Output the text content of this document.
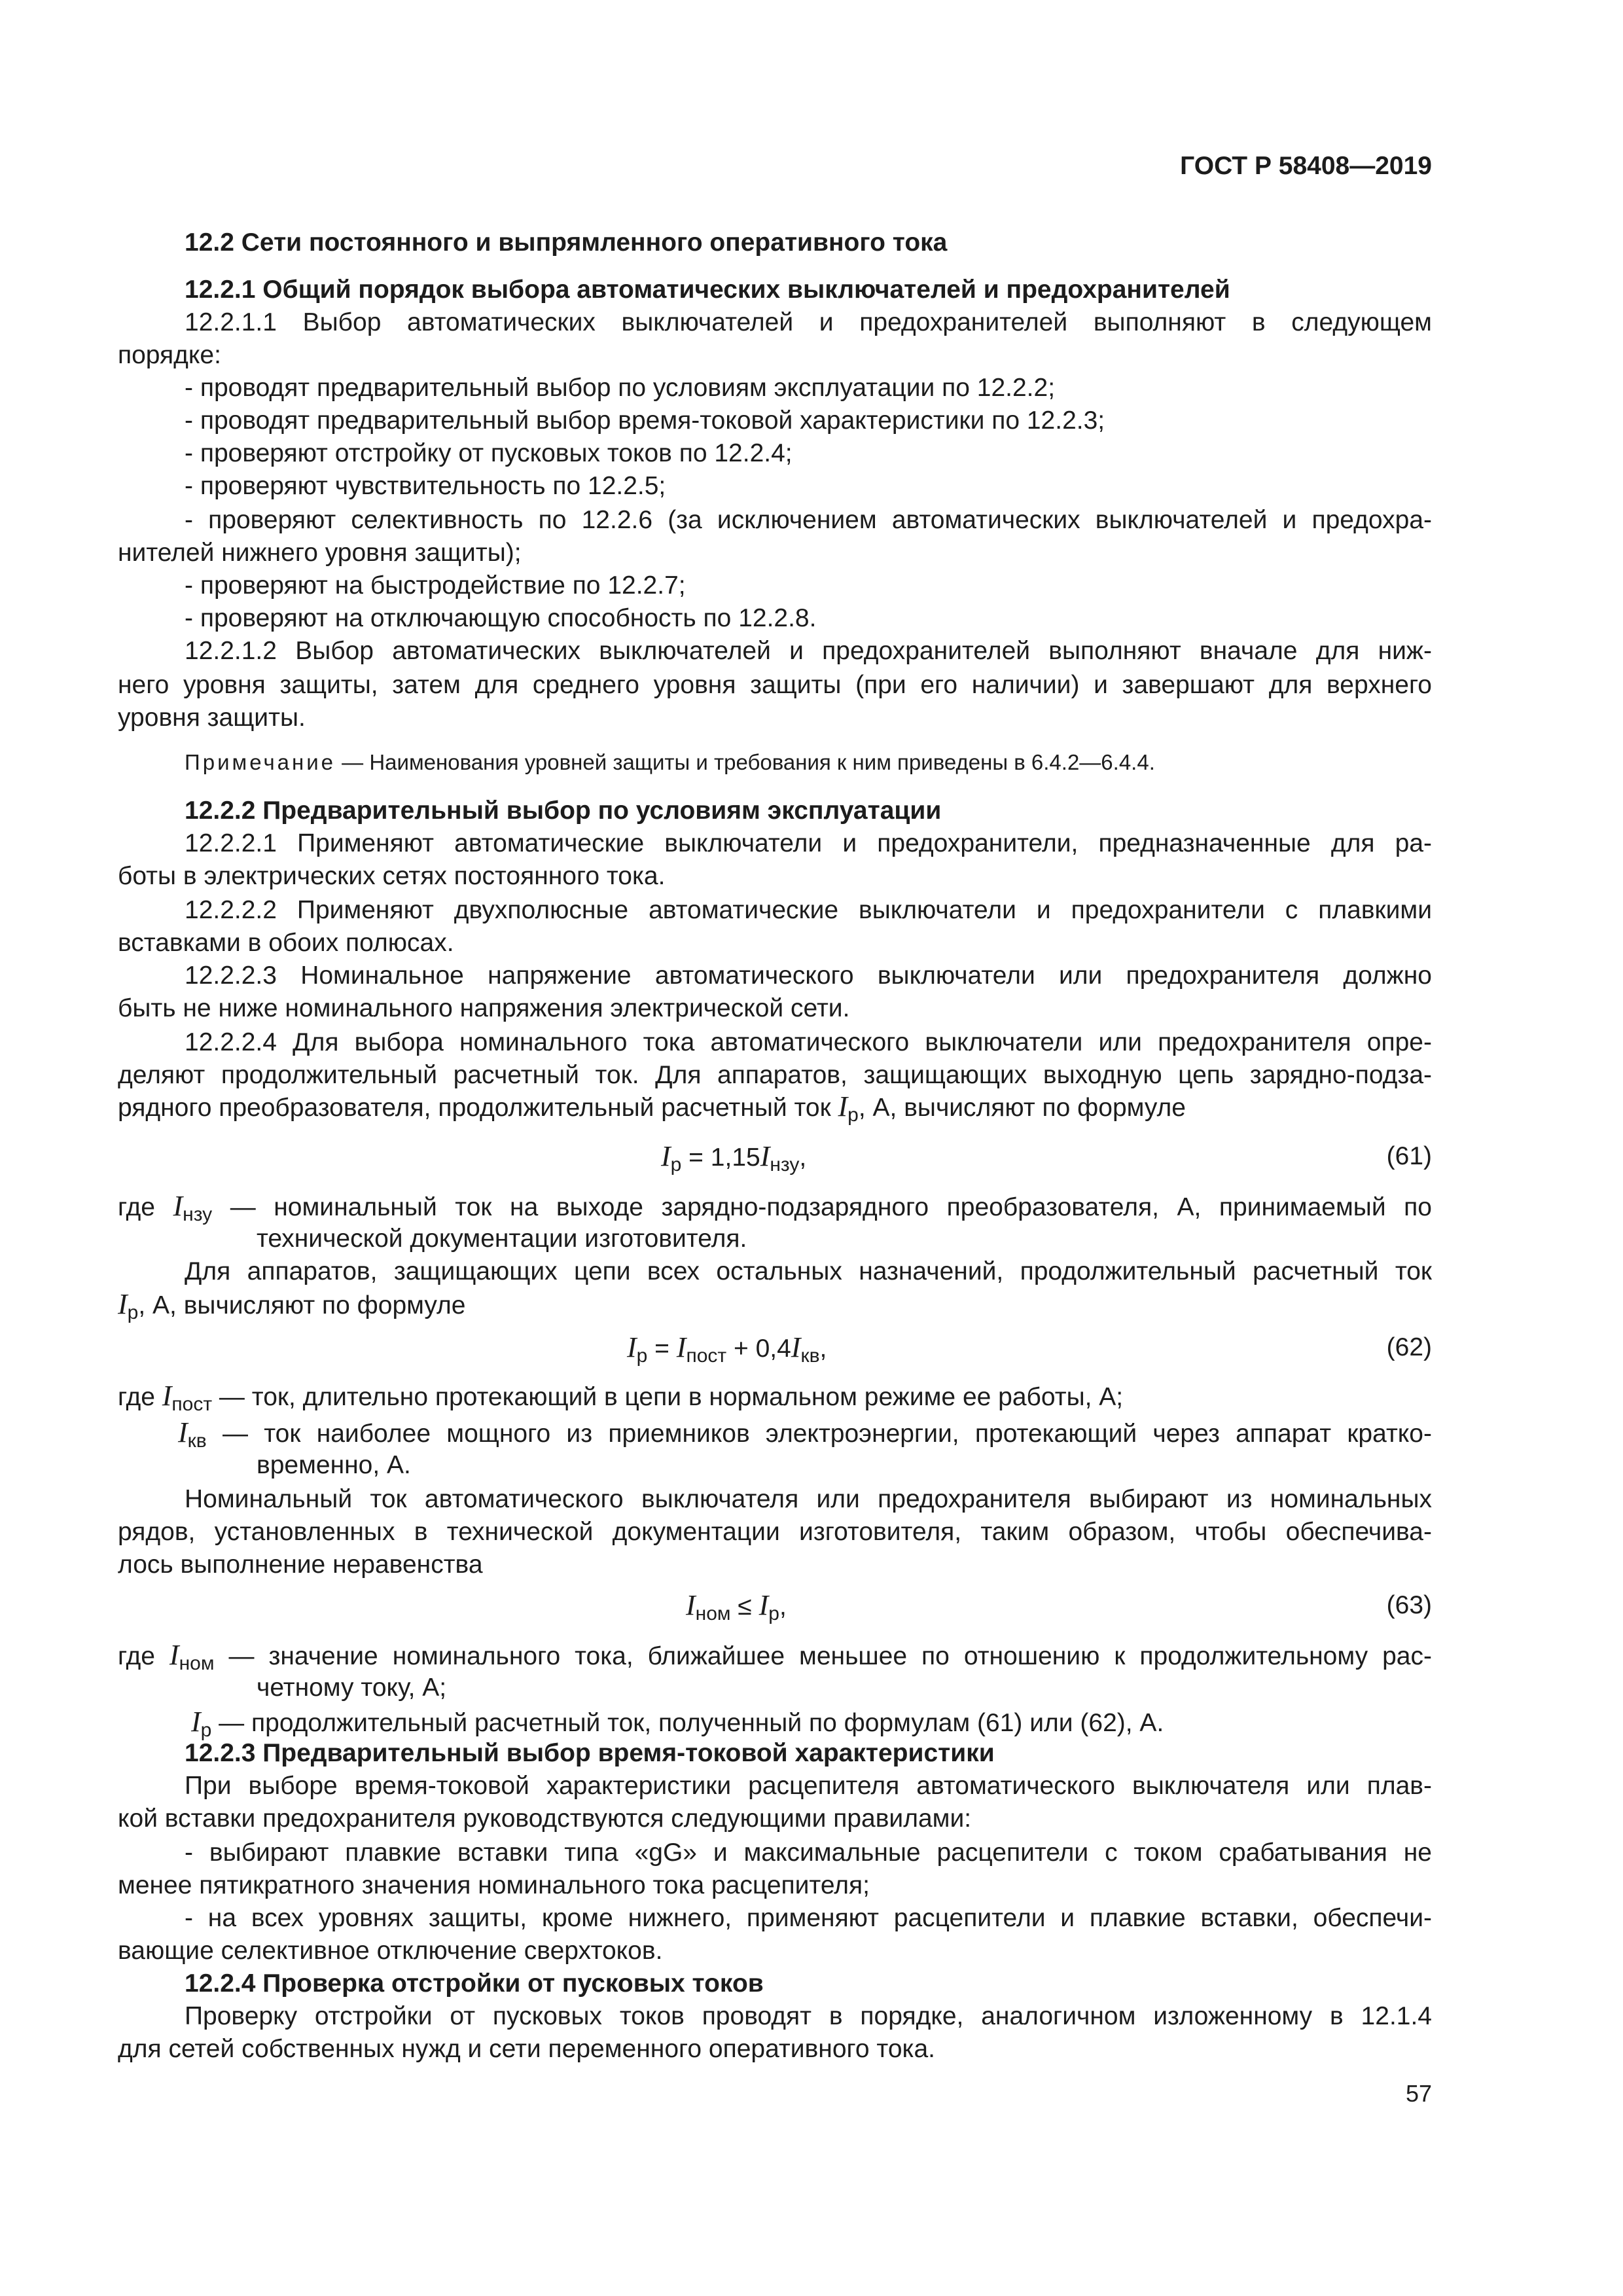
ГОСТ Р 58408—2019
12.2 Сети постоянного и выпрямленного оперативного тока
12.2.1 Общий порядок выбора автоматических выключателей и предохранителей
12.2.1.1 Выбор автоматических выключателей и предохранителей выполняют в следующем
порядке:
- проводят предварительный выбор по условиям эксплуатации по 12.2.2;
- проводят предварительный выбор время-токовой характеристики по 12.2.3;
- проверяют отстройку от пусковых токов по 12.2.4;
- проверяют чувствительность по 12.2.5;
- проверяют селективность по 12.2.6 (за исключением автоматических выключателей и предохра-
нителей нижнего уровня защиты);
- проверяют на быстродействие по 12.2.7;
- проверяют на отключающую способность по 12.2.8.
12.2.1.2 Выбор автоматических выключателей и предохранителей выполняют вначале для ниж-
него уровня защиты, затем для среднего уровня защиты (при его наличии) и завершают для верхнего
уровня защиты.
Примечание — Наименования уровней защиты и требования к ним приведены в 6.4.2—6.4.4.
12.2.2 Предварительный выбор по условиям эксплуатации
12.2.2.1 Применяют автоматические выключатели и предохранители, предназначенные для ра-
боты в электрических сетях постоянного тока.
12.2.2.2 Применяют двухполюсные автоматические выключатели и предохранители с плавкими
вставками в обоих полюсах.
12.2.2.3 Номинальное напряжение автоматического выключатели или предохранителя должно
быть не ниже номинального напряжения электрической сети.
12.2.2.4 Для выбора номинального тока автоматического выключатели или предохранителя опре-
деляют продолжительный расчетный ток. Для аппаратов, защищающих выходную цепь зарядно-подза-
рядного преобразователя, продолжительный расчетный ток $I_р$, А, вычисляют по формуле
$I_р = 1,15I_{нзу}$,	(61)
где $I_{нзу}$ — номинальный ток на выходе зарядно-подзарядного преобразователя, А, принимаемый по
технической документации изготовителя.
Для аппаратов, защищающих цепи всех остальных назначений, продолжительный расчетный ток
$I_р$, А, вычисляют по формуле
$I_р = I_{пост} + 0,4I_{кв}$,	(62)
где $I_{пост}$ — ток, длительно протекающий в цепи в нормальном режиме ее работы, А;
$I_{кв}$ — ток наиболее мощного из приемников электроэнергии, протекающий через аппарат кратко-
временно, А.
Номинальный ток автоматического выключателя или предохранителя выбирают из номинальных
рядов, установленных в технической документации изготовителя, таким образом, чтобы обеспечива-
лось выполнение неравенства
$I_{ном} \le I_р$,	(63)
где $I_{ном}$ — значение номинального тока, ближайшее меньшее по отношению к продолжительному рас-
четному току, А;
$I_р$ — продолжительный расчетный ток, полученный по формулам (61) или (62), А.
12.2.3 Предварительный выбор время-токовой характеристики
При выборе время-токовой характеристики расцепителя автоматического выключателя или плав-
кой вставки предохранителя руководствуются следующими правилами:
- выбирают плавкие вставки типа «gG» и максимальные расцепители с током срабатывания не
менее пятикратного значения номинального тока расцепителя;
- на всех уровнях защиты, кроме нижнего, применяют расцепители и плавкие вставки, обеспечи-
вающие селективное отключение сверхтоков.
12.2.4 Проверка отстройки от пусковых токов
Проверку отстройки от пусковых токов проводят в порядке, аналогичном изложенному в 12.1.4
для сетей собственных нужд и сети переменного оперативного тока.
57
